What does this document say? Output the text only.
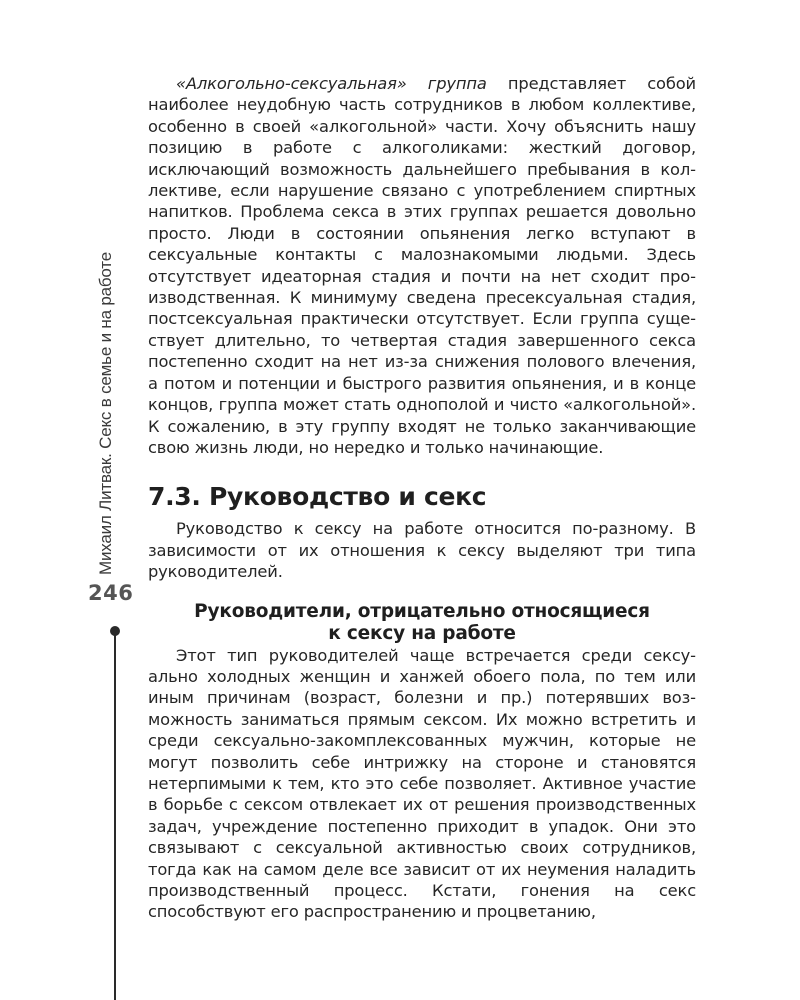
Михаил Литвак. Секс в семье и на работе
246

«Алкогольно-сексуальная» группа представляет собой наиболее неудобную часть сотрудников в любом коллективе, особенно в своей «алкогольной» части. Хочу объяснить нашу позицию в работе с алкоголиками: жесткий договор, исключающий возможность дальнейшего пребывания в коллективе, если нарушение связано с употреблением спиртных напитков. Проблема секса в этих группах решается довольно просто. Люди в состоянии опьянения легко вступают в сексуальные контакты с малознакомыми людьми. Здесь отсутствует идеаторная стадия и почти на нет сходит производственная. К минимуму сведена пресексуальная стадия, постсексуальная практически отсутствует. Если группа существует длительно, то четвертая стадия завершенного секса постепенно сходит на нет из-за снижения полового влечения, а потом и потенции и быстрого развития опьянения, и в конце концов, группа может стать однополой и чисто «алкогольной». К сожалению, в эту группу входят не только заканчивающие свою жизнь люди, но нередко и только начинающие.

7.3. Руководство и секс

Руководство к сексу на работе относится по-разному. В зависимости от их отношения к сексу выделяют три типа руководителей.

Руководители, отрицательно относящиеся
к сексу на работе

Этот тип руководителей чаще встречается среди сексуально холодных женщин и ханжей обоего пола, по тем или иным причинам (возраст, болезни и пр.) потерявших возможность заниматься прямым сексом. Их можно встретить и среди сексуально-закомплексованных мужчин, которые не могут позволить себе интрижку на стороне и становятся нетерпимыми к тем, кто это себе позволяет. Активное участие в борьбе с сексом отвлекает их от решения производственных задач, учреждение постепенно приходит в упадок. Они это связывают с сексуальной активностью своих сотрудников, тогда как на самом деле все зависит от их неумения наладить производственный процесс. Кстати, гонения на секс способствуют его распространению и процветанию,
